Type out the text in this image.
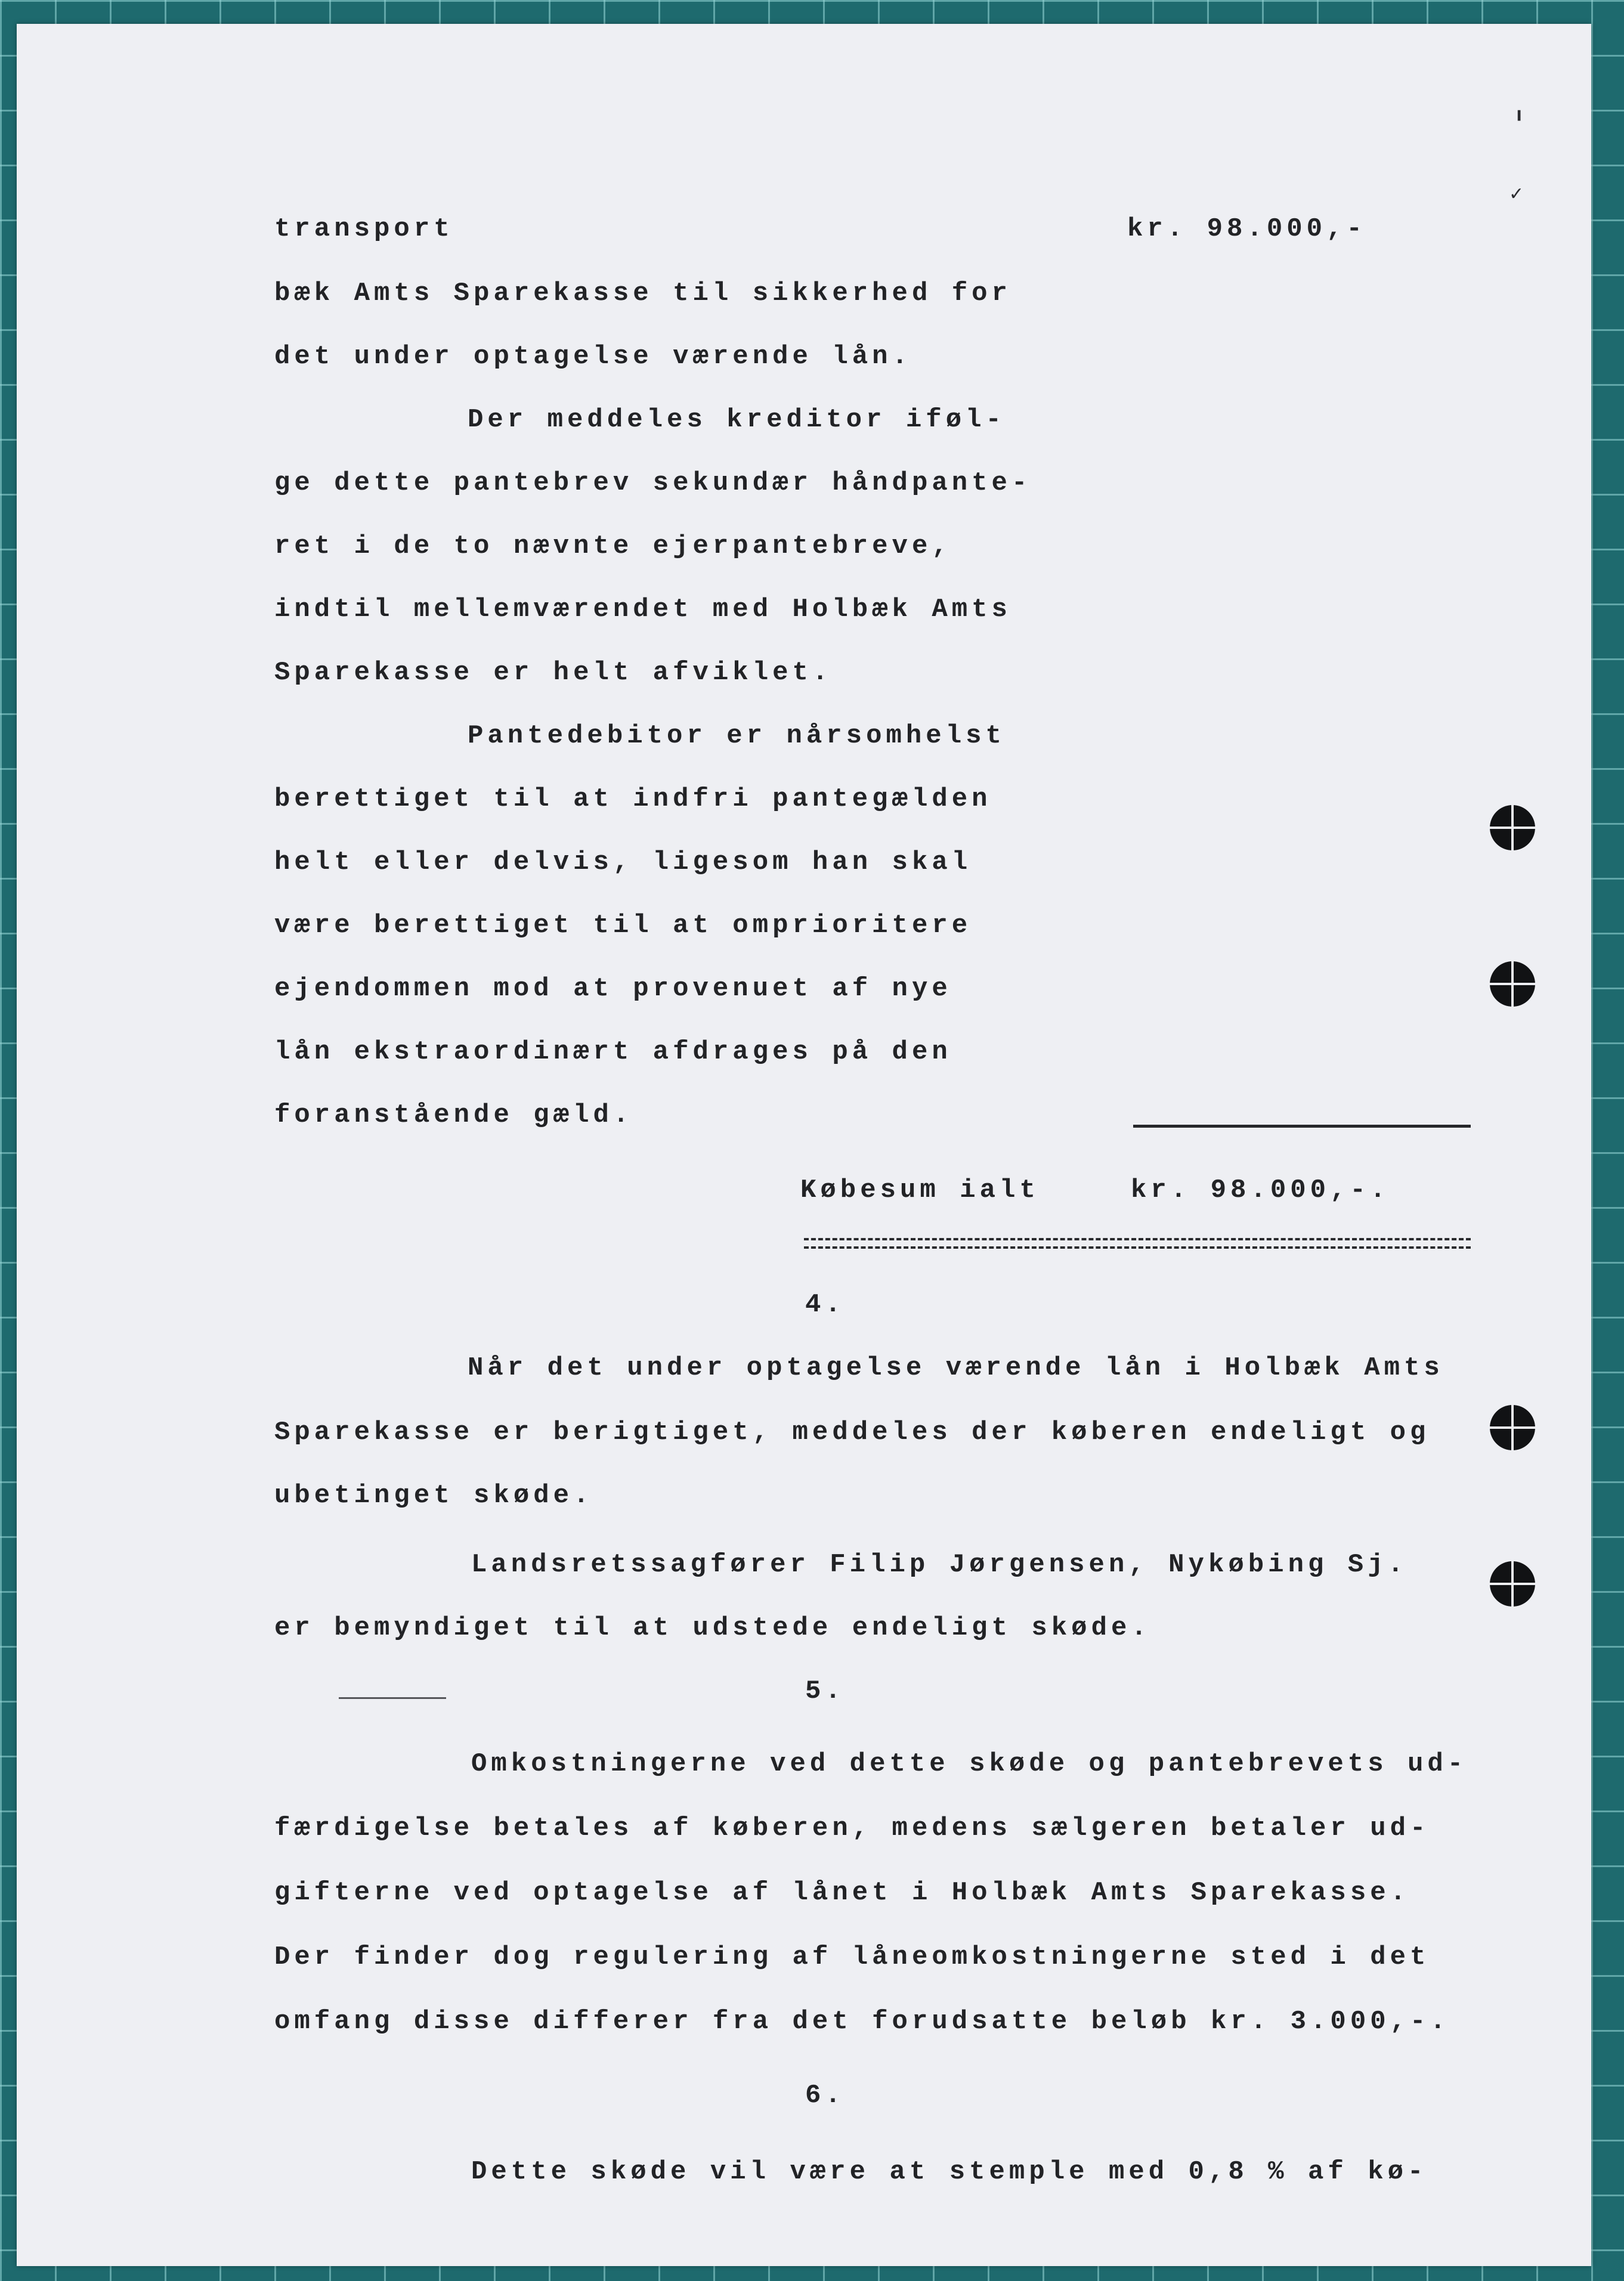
╻
✓
transport	kr. 98.000,-
bæk Amts Sparekasse til sikkerhed for
det under optagelse værende lån.
Der meddeles kreditor iføl-
ge dette pantebrev sekundær håndpante-
ret i de to nævnte ejerpantebreve,
indtil mellemværendet med Holbæk Amts
Sparekasse er helt afviklet.
Pantedebitor er nårsomhelst
berettiget til at indfri pantegælden
helt eller delvis, ligesom han skal
være berettiget til at omprioritere
ejendommen mod at provenuet af nye
lån ekstraordinært afdrages på den
foranstående gæld.
Købesum ialt	kr. 98.000,-.
4.
Når det under optagelse værende lån i Holbæk Amts
Sparekasse er berigtiget, meddeles der køberen endeligt og
ubetinget skøde.
Landsretssagfører Filip Jørgensen, Nykøbing Sj.
er bemyndiget til at udstede endeligt skøde.
5.
Omkostningerne ved dette skøde og pantebrevets ud-
færdigelse betales af køberen, medens sælgeren betaler ud-
gifterne ved optagelse af lånet i Holbæk Amts Sparekasse.
Der finder dog regulering af låneomkostningerne sted i det
omfang disse differer fra det forudsatte beløb kr. 3.000,-.
6.
Dette skøde vil være at stemple med 0,8 % af kø-
